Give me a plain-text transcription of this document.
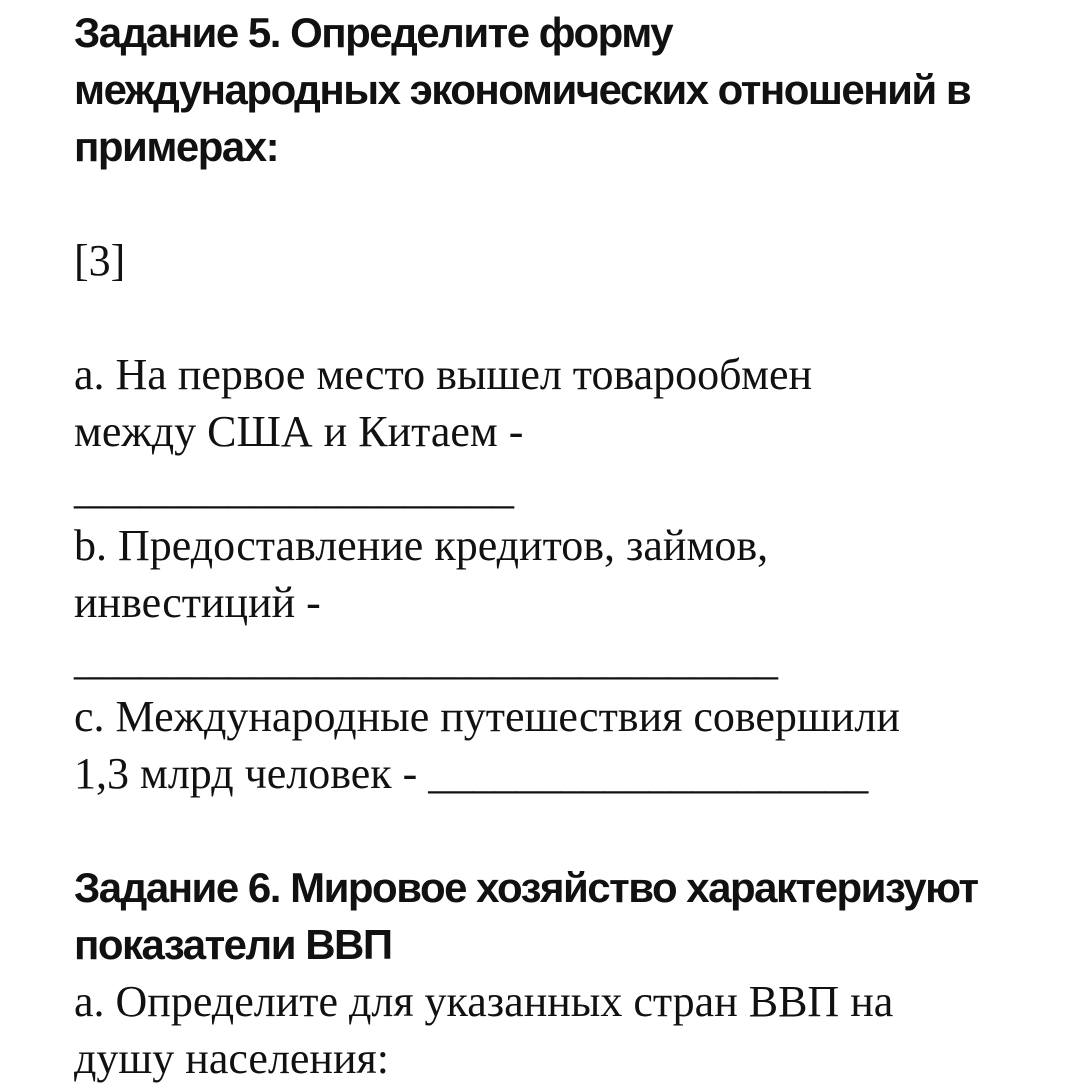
Задание 5. Определите форму
международных экономических отношений в
примерах:
[3]
a. На первое место вышел товарообмен
между США и Китаем -
____________________
b. Предоставление кредитов, займов,
инвестиций -
________________________________
c. Международные путешествия совершили
1,3 млрд человек - ____________________
Задание 6. Мировое хозяйство характеризуют
показатели ВВП
a. Определите для указанных стран ВВП на
душу населения:
